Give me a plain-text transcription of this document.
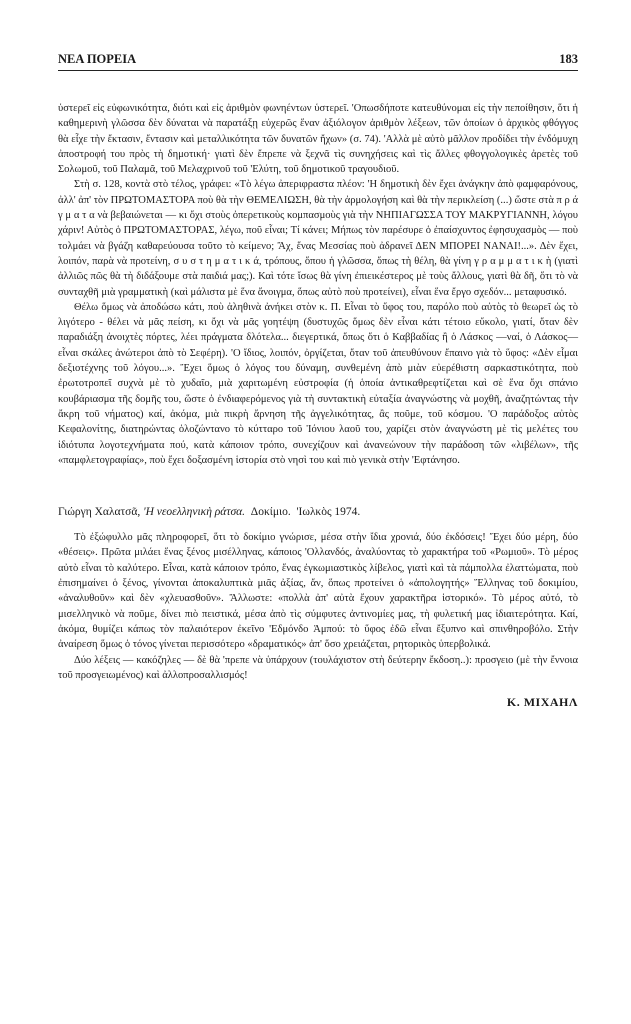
ΝΕΑ ΠΟΡΕΙΑ	183

ὑστερεῖ εἰς εὐφωνικότητα, διότι καὶ εἰς ἀριθμὸν φωνηέντων ὑστερεῖ. 'Οπωσδήποτε κατευθύνομαι εἰς τὴν πεποίθησιν, ὅτι ἡ καθημερινὴ γλῶσσα δὲν δύναται νὰ παρατάξῃ εὐχερῶς ἕναν ἀξιόλογον ἀριθμὸν λέξεων, τῶν ὁποίων ὁ ἀρχικὸς φθόγγος θὰ εἶχε τὴν ἔκτασιν, ἔντασιν καὶ μεταλλικότητα τῶν δυνατῶν ἤχων» (σ. 74). 'Αλλὰ μὲ αὐτὸ μᾶλλον προδίδει τὴν ἐνδόμυχη ἀποστροφή του πρὸς τὴ δημοτική· γιατὶ δὲν ἔπρεπε νὰ ξεχνᾶ τὶς συνηχήσεις καὶ τὶς ἄλλες φθογγολογικὲς ἀρετὲς τοῦ Σολωμοῦ, τοῦ Παλαμᾶ, τοῦ Μελαχρινοῦ τοῦ 'Ελύτη, τοῦ δημοτικοῦ τραγουδιοῦ.

Στὴ σ. 128, κοντὰ στὸ τέλος, γράφει: «Τὸ λέγω ἀπεριφραστα πλέον: 'Η δημοτικὴ δὲν ἔχει ἀνάγκην ἀπὸ φαμφαρόνους, ἀλλ' ἀπ' τὸν ΠΡΩΤΟΜΑΣΤΟΡΑ ποὺ θὰ τὴν ΘΕΜΕΛΙΩΣΗ, θὰ τὴν ἀρμολογήση καὶ θὰ τὴν περικλείση (...) ὥστε στὰ π ρ ά γ μ α τ α νὰ βεβαιώνεται — κι ὄχι στοὺς ὀπερετικοὺς κομπασμοὺς γιὰ τὴν ΝΗΠΙΑΓΩΣΣΑ ΤΟΥ ΜΑΚΡΥΓΙΑΝΝΗ, λόγου χάριν! Αὐτὸς ὁ ΠΡΩΤΟΜΑΣΤΟΡΑΣ, λέγω, ποῦ εἶναι; Τί κάνει; Μήπως τὸν παρέσυρε ὁ ἐπαίσχυντος ἐφησυχασμὸς — ποὺ τολμάει νὰ βγάζη καθαρεύουσα τοῦτο τὸ κείμενο; Ἄχ, ἕνας Μεσσίας ποὺ ἀδρανεῖ ΔΕΝ ΜΠΟΡΕΙ ΝΑΝΑΙ!...». Δὲν ἔχει, λοιπόν, παρὰ νὰ προτείνη, σ υ σ τ η μ α τ ι κ ά, τρόπους, ὅπου ἡ γλῶσσα, ὅπως τὴ θέλη, θὰ γίνη γ ρ α μ μ α τ ι κ ὴ (γιατὶ ἀλλιῶς πῶς θὰ τὴ διδάξουμε στὰ παιδιά μας;). Καὶ τότε ἴσως θὰ γίνη ἐπιεικέστερος μὲ τοὺς ἄλλους, γιατὶ θὰ δῆ, ὅτι τὸ νὰ συνταχθῆ μιὰ γραμματικὴ (καὶ μάλιστα μὲ ἕνα ἄνοιγμα, ὅπως αὐτὸ ποὺ προτείνει), εἶναι ἕνα ἔργο σχεδόν... μεταφυσικό.

Θέλω ὅμως νὰ ἀποδώσω κάτι, ποὺ ἀληθινὰ ἀνήκει στὸν κ. Π. Εἶναι τὸ ὕφος του, παρόλο ποὺ αὐτὸς τὸ θεωρεῖ ὡς τὸ λιγότερο - θέλει νὰ μᾶς πείση, κι ὄχι νὰ μᾶς γοητέψη (δυστυχῶς ὅμως δὲν εἶναι κάτι τέτοιο εὔκολο, γιατί, ὅταν δὲν παραδιάξη ἀνοιχτὲς πόρτες, λέει πράγματα δλότελα... διεγερτικά, ὅπως ὅτι ὁ Καββαδίας ἢ ὁ Λάσκος —ναί, ὁ Λάσκος— εἶναι σκάλες ἀνώτεροι ἀπὸ τὸ Σεφέρη). 'Ο ἴδιος, λοιπόν, ὀργίζεται, ὅταν τοῦ ἀπευθύνουν ἔπαινο γιὰ τὸ ὕφος: «Δὲν εἶμαι δεξιοτέχνης τοῦ λόγου...». Ἔχει ὅμως ὁ λόγος του δύναμη, συνθεμένη ἀπὸ μιὰν εὐερέθιστη σαρκαστικότητα, ποὺ ἐρωτοτροπεῖ συχνὰ μὲ τὸ χυδαῖο, μιὰ χαριτωμένη εὐστροφία (ἡ ὁποία ἀντικαθρεφτίζεται καὶ σὲ ἕνα ὄχι σπάνιο κουβάριασμα τῆς δομῆς του, ὥστε ὁ ἐνδιαφερόμενος γιὰ τὴ συντακτικὴ εὐταξία ἀναγνώστης νὰ μοχθῆ, ἀναζητώντας τὴν ἄκρη τοῦ νήματος) καί, ἀκόμα, μιὰ πικρὴ ἄρνηση τῆς ἀγγελικότητας, ἂς ποῦμε, τοῦ κόσμου. 'Ο παράδοξος αὐτὸς Κεφαλονίτης, διατηρώντας ὁλοζώντανο τὸ κύτταρο τοῦ Ἰόνιου λαοῦ του, χαρίζει στὸν ἀναγνώστη μὲ τὶς μελέτες του ἰδιότυπα λογοτεχνήματα πού, κατὰ κάποιον τρόπο, συνεχίζουν καὶ ἀνανεώνουν τὴν παράδοση τῶν «λιβέλων», τῆς «παμφλετογραφίας», ποὺ ἔχει δοξασμένη ἱστορία στὸ νησὶ του καὶ πιὸ γενικὰ στὴν 'Εφτάνησο.

Γιώργη Χαλατσᾶ, 'Η νεοελληνικὴ ράτσα. Δοκίμιο. 'Ιωλκὸς 1974.

Τὸ ἐξώφυλλο μᾶς πληροφορεῖ, ὅτι τὸ δοκίμιο γνώρισε, μέσα στὴν ἴδια χρονιά, δύο ἐκδόσεις! Ἔχει δύο μέρη, δύο «θέσεις». Πρῶτα μιλάει ἕνας ξένος μισέλληνας, κάποιος 'Ολλανδός, ἀναλύοντας τὸ χαρακτήρα τοῦ «Ρωμιοῦ». Τὸ μέρος αὐτὸ εἶναι τὸ καλύτερο. Εἶναι, κατὰ κάποιον τρόπο, ἕνας ἐγκωμιαστικὸς λίβελος, γιατὶ καὶ τὰ πάμπολλα ἐλαττώματα, ποὺ ἐπισημαίνει ὁ ξένος, γίνονται ἀποκαλυπτικὰ μιᾶς ἀξίας, ἄν, ὅπως προτείνει ὁ «ἀπολογητής» Ἕλληνας τοῦ δοκιμίου, «ἀναλυθοῦν» καὶ δὲν «χλευασθοῦν». Ἄλλωστε: «πολλὰ ἀπ' αὐτὰ ἔχουν χαρακτῆρα ἱστορικό». Τὸ μέρος αὐτό, τὸ μισελληνικὸ νὰ ποῦμε, δίνει πιὸ πειστικά, μέσα ἀπὸ τὶς σύμφυτες ἀντινομίες μας, τὴ φυλετική μας ἰδιαιτερότητα. Καί, ἀκόμα, θυμίζει κάπως τὸν παλαιότερον ἐκεῖνο 'Εδμόνδο Ἀμπού: τὸ ὕφος ἐδῶ εἶναι ἔξυπνο καὶ σπινθηροβόλο. Στὴν ἀναίρεση ὅμως ὁ τόνος γίνεται περισσότερο «δραματικός» ἀπ' ὅσο χρειάζεται, ρητορικὸς ὑπερβολικά.

Δύο λέξεις — κακόζηλες — δὲ θὰ 'πρεπε νὰ ὑπάρχουν (τουλάχιστον στὴ δεύτερην ἔκδοση..): προσγειο (μὲ τὴν ἔννοια τοῦ προσγειωμένος) καὶ ἀλλοπροσαλλισμός!

Κ. ΜΙΧΑΗΛ
